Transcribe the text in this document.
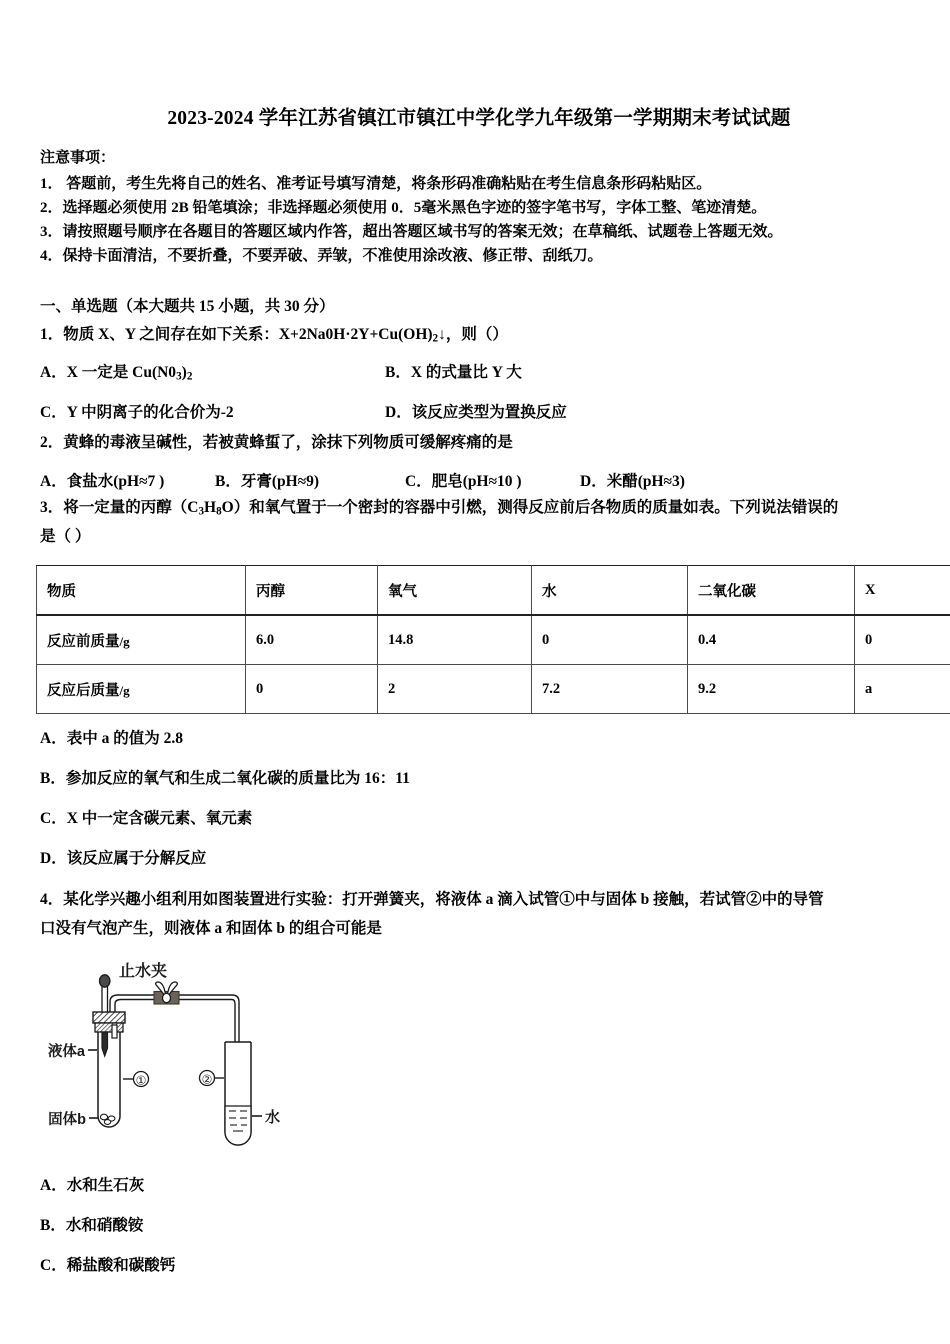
2023-2024 学年江苏省镇江市镇江中学化学九年级第一学期期末考试试题

注意事项：

1． 答题前，考生先将自己的姓名、准考证号填写清楚，将条形码准确粘贴在考生信息条形码粘贴区。

2．选择题必须使用 2B 铅笔填涂；非选择题必须使用 0．5毫米黑色字迹的签字笔书写，字体工整、笔迹清楚。

3．请按照题号顺序在各题目的答题区域内作答，超出答题区域书写的答案无效；在草稿纸、试题卷上答题无效。

4．保持卡面清洁，不要折叠，不要弄破、弄皱，不准使用涂改液、修正带、刮纸刀。

一、单选题（本大题共 15 小题，共 30 分）

1．物质 X、Y 之间存在如下关系：$X+2Na0H\cdot 2Y+Cu(OH)_2↓$，则（）

A．X 一定是 $Cu(N0_3)_2$	B．X 的式量比 Y 大
C．Y 中阴离子的化合价为-2	D．该反应类型为置换反应

2．黄蜂的毒液呈碱性，若被黄蜂蜇了，涂抹下列物质可缓解疼痛的是

A．食盐水(pH≈7 )	B．牙膏(pH≈9)	C．肥皂(pH≈10 )	D．米醋(pH≈3)

3．将一定量的丙醇$(C_3H_8O)$和氧气置于一个密封的容器中引燃，测得反应前后各物质的质量如表。下列说法错误的

是（ ）

物质	丙醇	氧气	水	二氧化碳	X
反应前质量/g	6.0	14.8	0	0.4	0
反应后质量/g	0	2	7.2	9.2	a

A．表中 a 的值为 2.8

B．参加反应的氧气和生成二氧化碳的质量比为 16：11

C．X 中一定含碳元素、氧元素

D．该反应属于分解反应

4．某化学兴趣小组利用如图装置进行实验：打开弹簧夹，将液体 a 滴入试管①中与固体 b 接触，若试管②中的导管

口没有气泡产生，则液体 a 和固体 b 的组合可能是

止水夹
液体a
固体b
①	②
水

A．水和生石灰

B．水和硝酸铵

C．稀盐酸和碳酸钙
